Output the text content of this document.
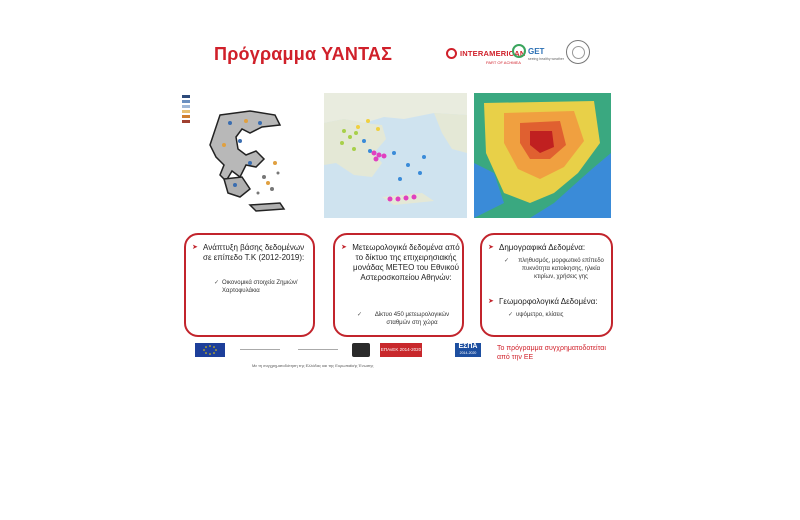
Πρόγραμμα ΥΑΝΤΑΣ	INTERAMERICAN
PART OF ACHMEA
GET
seeing healthy weather
➤ Ανάπτυξη βάσης δεδομένων σε επίπεδο Τ.Κ (2012-2019):
✓ Οικονομικά στοιχεία Ζημιών/ Χαρτοφυλάκια
➤ Μετεωρολογικά δεδομένα από το δίκτυο της επιχειρησιακής μονάδας METEO του Εθνικού Αστεροσκοπείου Αθηνών:
✓	Δίκτυο 450 μετεωρολογικών σταθμών στη χώρα
➤ Δημογραφικά Δεδομένα:
✓	πληθυσμός, μορφωτικό επίπεδο πυκνότητα κατοίκησης, ηλικία κτιρίων, χρήσεις γης
➤ Γεωμορφολογικά Δεδομένα:
✓ υψόμετρο, κλίσεις
ΕΠΑνΕΚ 2014-2020	ΕΣΠΑ
2014-2020
Με τη συγχρηματοδότηση της Ελλάδας και της Ευρωπαϊκής Ένωσης
Το πρόγραμμα συγχρηματοδοτείται από την ΕΕ
